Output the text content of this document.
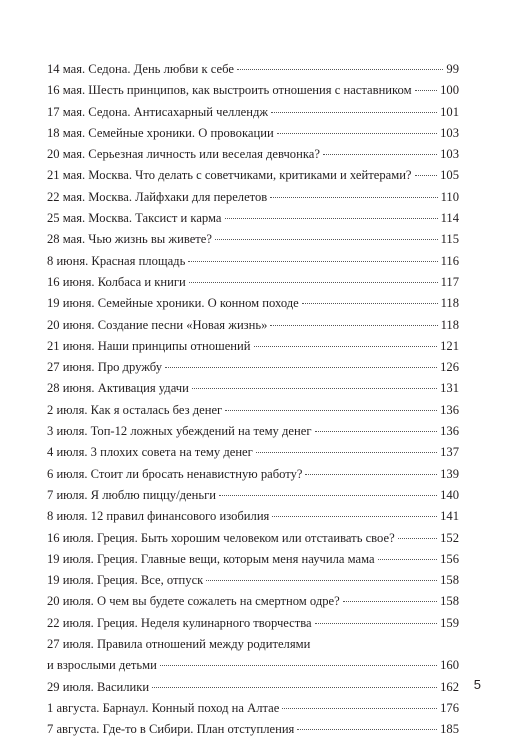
14 мая. Седона. День любви к себе	99
16 мая. Шесть принципов, как выстроить отношения с наставником 100
17 мая. Седона. Антисахарный челлендж	101
18 мая. Семейные хроники. О провокации	103
20 мая. Серьезная личность или веселая девчонка?	103
21 мая. Москва. Что делать с советчиками, критиками и хейтерами? 105
22 мая. Москва. Лайфхаки для перелетов	110
25 мая. Москва. Таксист и карма	114
28 мая. Чью жизнь вы живете?	115
8 июня. Красная площадь	116
16 июня. Колбаса и книги	117
19 июня. Семейные хроники. О конном походе	118
20 июня. Создание песни «Новая жизнь»	118
21 июня. Наши принципы отношений	121
27 июня. Про дружбу	126
28 июня. Активация удачи	131
2 июля. Как я осталась без денег	136
3 июля. Топ-12 ложных убеждений на тему денег	136
4 июля. 3 плохих совета на тему денег	137
6 июля. Стоит ли бросать ненавистную работу?	139
7 июля. Я люблю пиццу/деньги	140
8 июля. 12 правил финансового изобилия	141
16 июля. Греция. Быть хорошим человеком или отстаивать свое?	152
19 июля. Греция. Главные вещи, которым меня научила мама	156
19 июля. Греция. Все, отпуск	158
20 июля. О чем вы будете сожалеть на смертном одре?	158
22 июля. Греция. Неделя кулинарного творчества	159
27 июля. Правила отношений между родителями
и взрослыми детьми	160
29 июля. Василики	162
1 августа. Барнаул. Конный поход на Алтае	176
7 августа. Где-то в Сибири. План отступления	185
5
